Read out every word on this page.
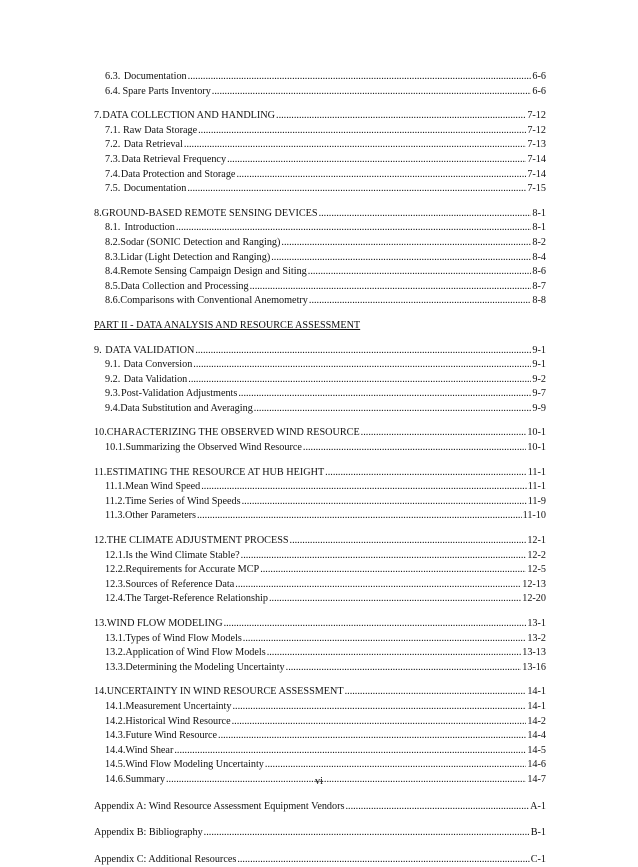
6.3. Documentation .....	6-6
6.4. Spare Parts Inventory .....	6-6
7. DATA COLLECTION AND HANDLING .....	7-12
7.1. Raw Data Storage .....	7-12
7.2. Data Retrieval .....	7-13
7.3. Data Retrieval Frequency .....	7-14
7.4. Data Protection and Storage .....	7-14
7.5. Documentation .....	7-15
8. GROUND-BASED REMOTE SENSING DEVICES .....	8-1
8.1. Introduction .....	8-1
8.2. Sodar (SONIC Detection and Ranging) .....	8-2
8.3. Lidar (Light Detection and Ranging) .....	8-4
8.4. Remote Sensing Campaign Design and Siting .....	8-6
8.5. Data Collection and Processing .....	8-7
8.6. Comparisons with Conventional Anemometry .....	8-8
PART II - DATA ANALYSIS AND RESOURCE ASSESSMENT
9. DATA VALIDATION .....	9-1
9.1. Data Conversion .....	9-1
9.2. Data Validation .....	9-2
9.3. Post-Validation Adjustments .....	9-7
9.4. Data Substitution and Averaging .....	9-9
10. CHARACTERIZING THE OBSERVED WIND RESOURCE .....	10-1
10.1. Summarizing the Observed Wind Resource .....	10-1
11. ESTIMATING THE RESOURCE AT HUB HEIGHT .....	11-1
11.1. Mean Wind Speed .....	11-1
11.2. Time Series of Wind Speeds .....	11-9
11.3. Other Parameters .....	11-10
12. THE CLIMATE ADJUSTMENT PROCESS .....	12-1
12.1. Is the Wind Climate Stable? .....	12-2
12.2. Requirements for Accurate MCP .....	12-5
12.3. Sources of Reference Data .....	12-13
12.4. The Target-Reference Relationship .....	12-20
13. WIND FLOW MODELING .....	13-1
13.1. Types of Wind Flow Models .....	13-2
13.2. Application of Wind Flow Models .....	13-13
13.3. Determining the Modeling Uncertainty .....	13-16
14. UNCERTAINTY IN WIND RESOURCE ASSESSMENT .....	14-1
14.1. Measurement Uncertainty .....	14-1
14.2. Historical Wind Resource .....	14-2
14.3. Future Wind Resource .....	14-4
14.4. Wind Shear .....	14-5
14.5. Wind Flow Modeling Uncertainty .....	14-6
14.6. Summary .....	14-7
Appendix A: Wind Resource Assessment Equipment Vendors .....	A-1
Appendix B: Bibliography .....	B-1
Appendix C: Additional Resources .....	C-1
vi
